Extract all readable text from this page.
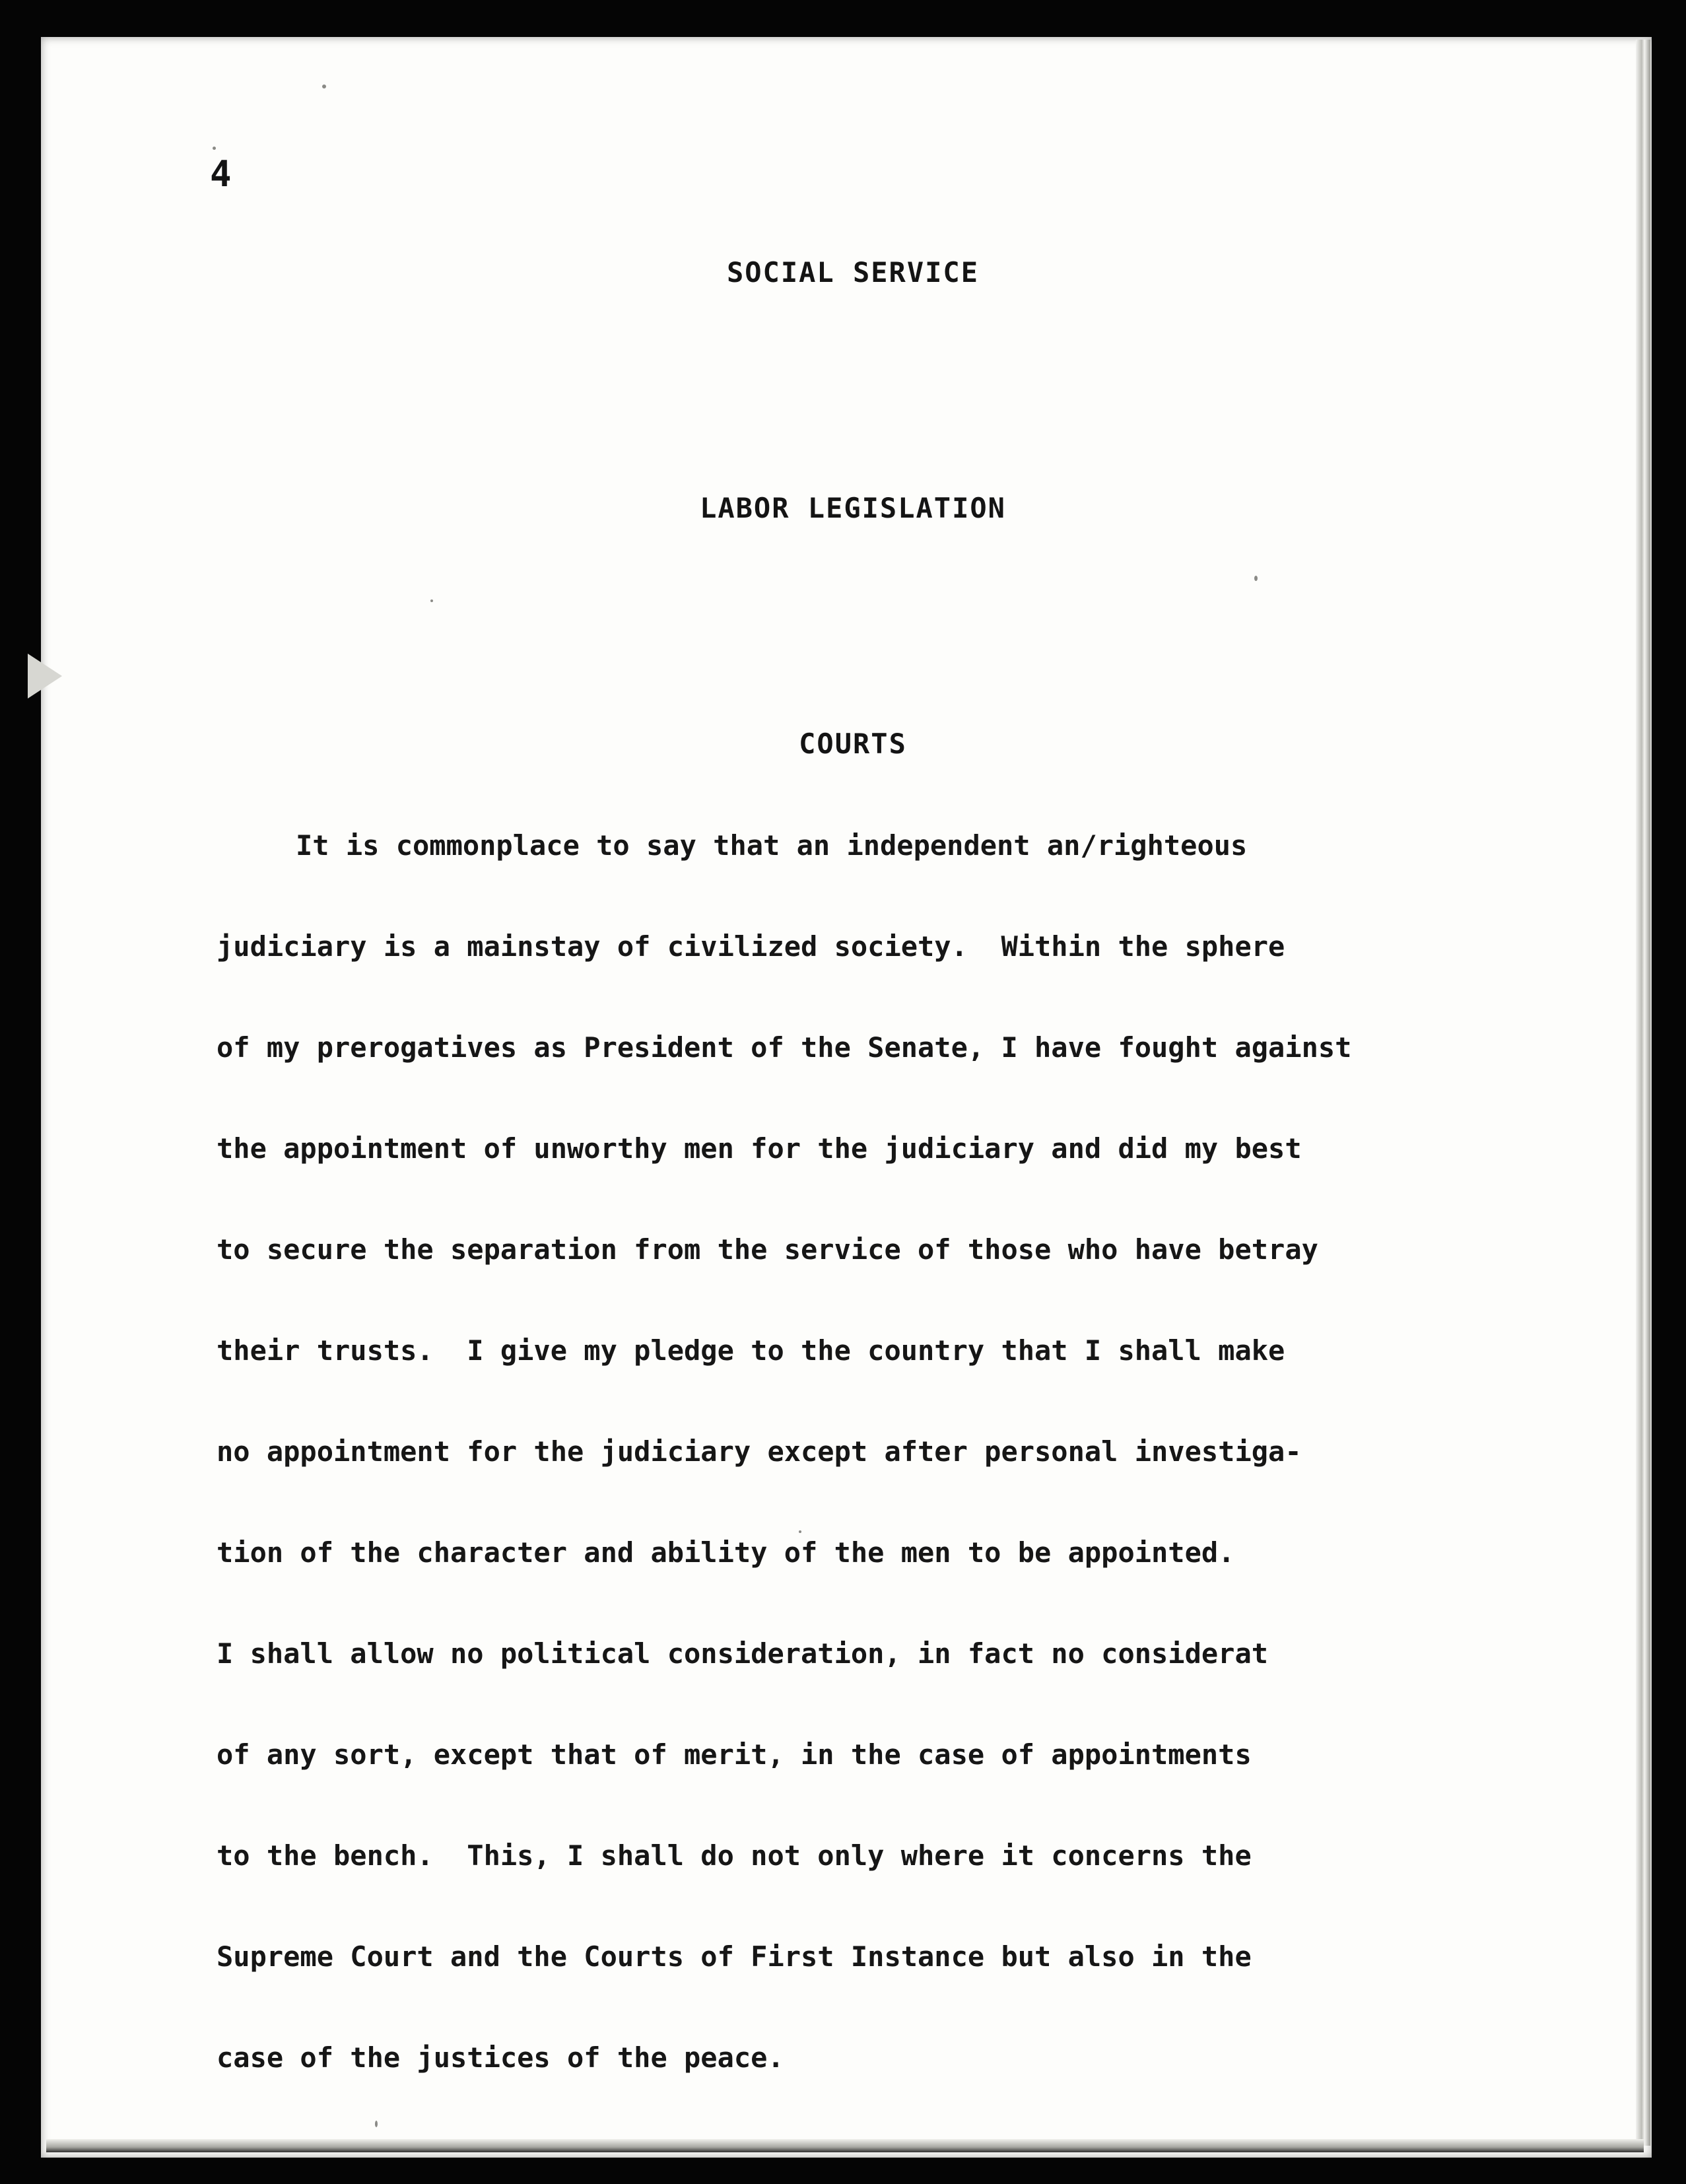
4
SOCIAL SERVICE
LABOR LEGISLATION
COURTS
It is commonplace to say that an independent an/righteous
judiciary is a mainstay of civilized society.  Within the sphere
of my prerogatives as President of the Senate, I have fought against
the appointment of unworthy men for the judiciary and did my best
to secure the separation from the service of those who have betray
their trusts.  I give my pledge to the country that I shall make
no appointment for the judiciary except after personal investiga-
tion of the character and ability of the men to be appointed.
I shall allow no political consideration, in fact no considerat
of any sort, except that of merit, in the case of appointments
to the bench.  This, I shall do not only where it concerns the
Supreme Court and the Courts of First Instance but also in the
case of the justices of the peace.
